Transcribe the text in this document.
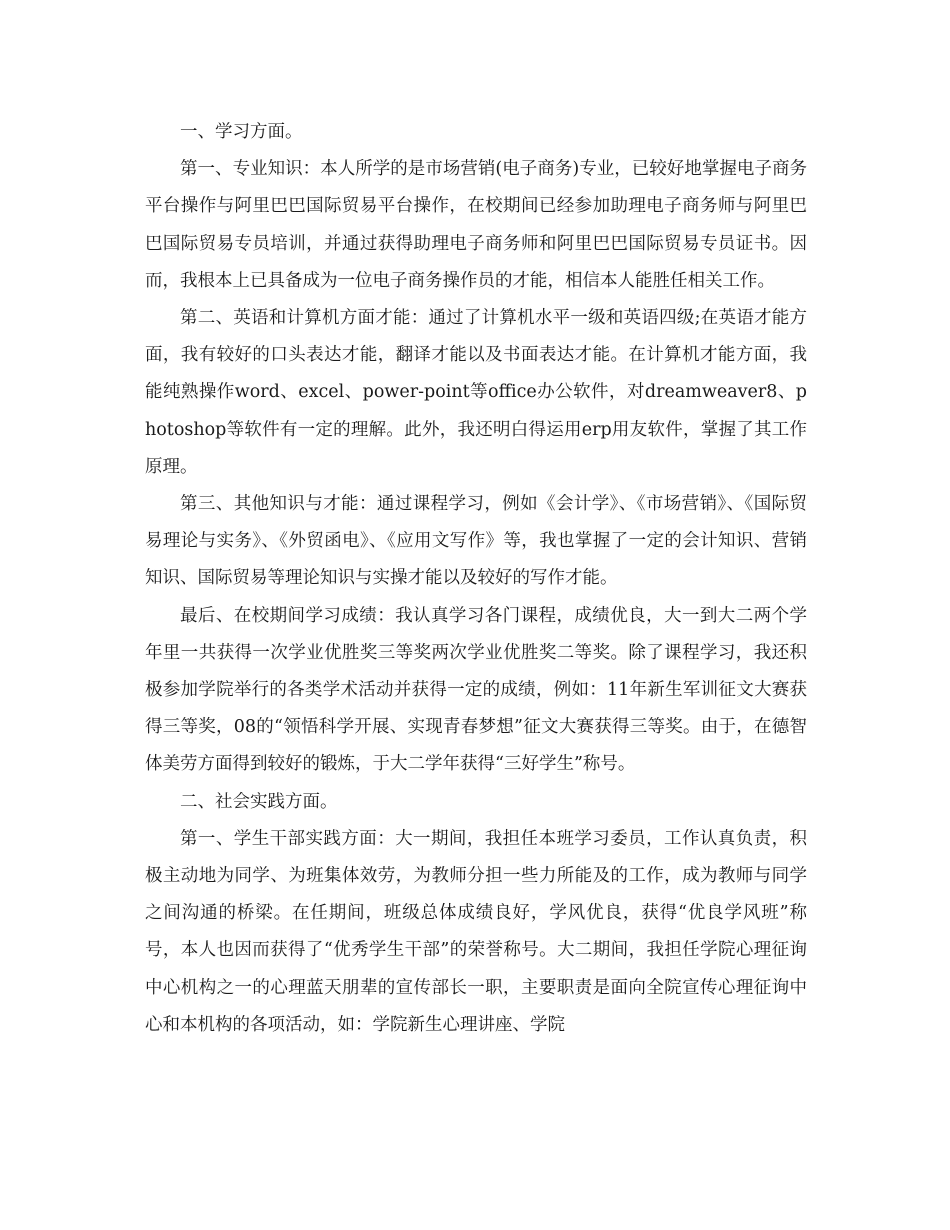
一、学习方面。

第一、专业知识：本人所学的是市场营销(电子商务)专业，已较好地掌握电子商务平台操作与阿里巴巴国际贸易平台操作，在校期间已经参加助理电子商务师与阿里巴巴国际贸易专员培训，并通过获得助理电子商务师和阿里巴巴国际贸易专员证书。因而，我根本上已具备成为一位电子商务操作员的才能，相信本人能胜任相关工作。

第二、英语和计算机方面才能：通过了计算机水平一级和英语四级;在英语才能方面，我有较好的口头表达才能，翻译才能以及书面表达才能。在计算机才能方面，我能纯熟操作word、excel、power-point等office办公软件，对dreamweaver8、photoshop等软件有一定的理解。此外，我还明白得运用erp用友软件，掌握了其工作原理。

第三、其他知识与才能：通过课程学习，例如《会计学》、《市场营销》、《国际贸易理论与实务》、《外贸函电》、《应用文写作》等，我也掌握了一定的会计知识、营销知识、国际贸易等理论知识与实操才能以及较好的写作才能。

最后、在校期间学习成绩：我认真学习各门课程，成绩优良，大一到大二两个学年里一共获得一次学业优胜奖三等奖两次学业优胜奖二等奖。除了课程学习，我还积极参加学院举行的各类学术活动并获得一定的成绩，例如：11年新生军训征文大赛获得三等奖，08的“领悟科学开展、实现青春梦想”征文大赛获得三等奖。由于，在德智体美劳方面得到较好的锻炼，于大二学年获得“三好学生”称号。

二、社会实践方面。

第一、学生干部实践方面：大一期间，我担任本班学习委员，工作认真负责，积极主动地为同学、为班集体效劳，为教师分担一些力所能及的工作，成为教师与同学之间沟通的桥梁。在任期间，班级总体成绩良好，学风优良，获得“优良学风班”称号，本人也因而获得了“优秀学生干部”的荣誉称号。大二期间，我担任学院心理征询中心机构之一的心理蓝天朋辈的宣传部长一职，主要职责是面向全院宣传心理征询中心和本机构的各项活动，如：学院新生心理讲座、学院
